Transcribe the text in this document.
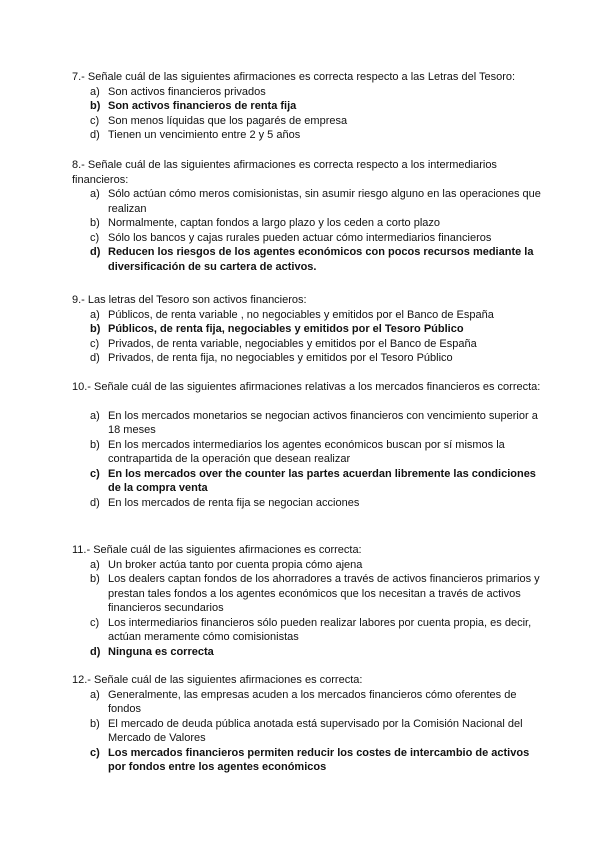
7.- Señale cuál de las siguientes afirmaciones es correcta respecto a las Letras del Tesoro:

a) Son activos financieros privados
b) Son activos financieros de renta fija
c) Son menos líquidas que los pagarés de empresa
d) Tienen un vencimiento entre 2 y 5 años

8.- Señale cuál de las siguientes afirmaciones es correcta respecto a los intermediarios financieros:

a) Sólo actúan cómo meros comisionistas, sin asumir riesgo alguno en las operaciones que realizan
b) Normalmente, captan fondos a largo plazo y los ceden a corto plazo
c) Sólo los bancos y cajas rurales pueden actuar cómo intermediarios financieros
d) Reducen los riesgos de los agentes económicos con pocos recursos mediante la diversificación de su cartera de activos.

9.- Las letras del Tesoro son activos financieros:

a) Públicos, de renta variable , no negociables y emitidos por el Banco de España
b) Públicos, de renta fija, negociables y emitidos por el Tesoro Público
c) Privados, de renta variable, negociables y emitidos por el Banco de España
d) Privados, de renta fija, no negociables y emitidos por el Tesoro Público

10.- Señale cuál de las siguientes afirmaciones relativas a los mercados financieros es correcta:

a) En los mercados monetarios se negocian activos financieros con vencimiento superior a 18 meses
b) En los mercados intermediarios los agentes económicos buscan por sí mismos la contrapartida de la operación que desean realizar
c) En los mercados over the counter las partes acuerdan libremente las condiciones de la compra venta
d) En los mercados de renta fija se negocian acciones

11.- Señale cuál de las siguientes afirmaciones es correcta:

a) Un broker actúa tanto por cuenta propia cómo ajena
b) Los dealers captan fondos de los ahorradores a través de activos financieros primarios y prestan tales fondos a los agentes económicos que los necesitan a través de activos financieros secundarios
c) Los intermediarios financieros sólo pueden realizar labores por cuenta propia, es decir, actúan meramente cómo comisionistas
d) Ninguna es correcta

12.- Señale cuál de las siguientes afirmaciones es correcta:

a) Generalmente, las empresas acuden a los mercados financieros cómo oferentes de fondos
b) El mercado de deuda pública anotada está supervisado por la Comisión Nacional del Mercado de Valores
c) Los mercados financieros permiten reducir los costes de intercambio de activos por fondos entre los agentes económicos
